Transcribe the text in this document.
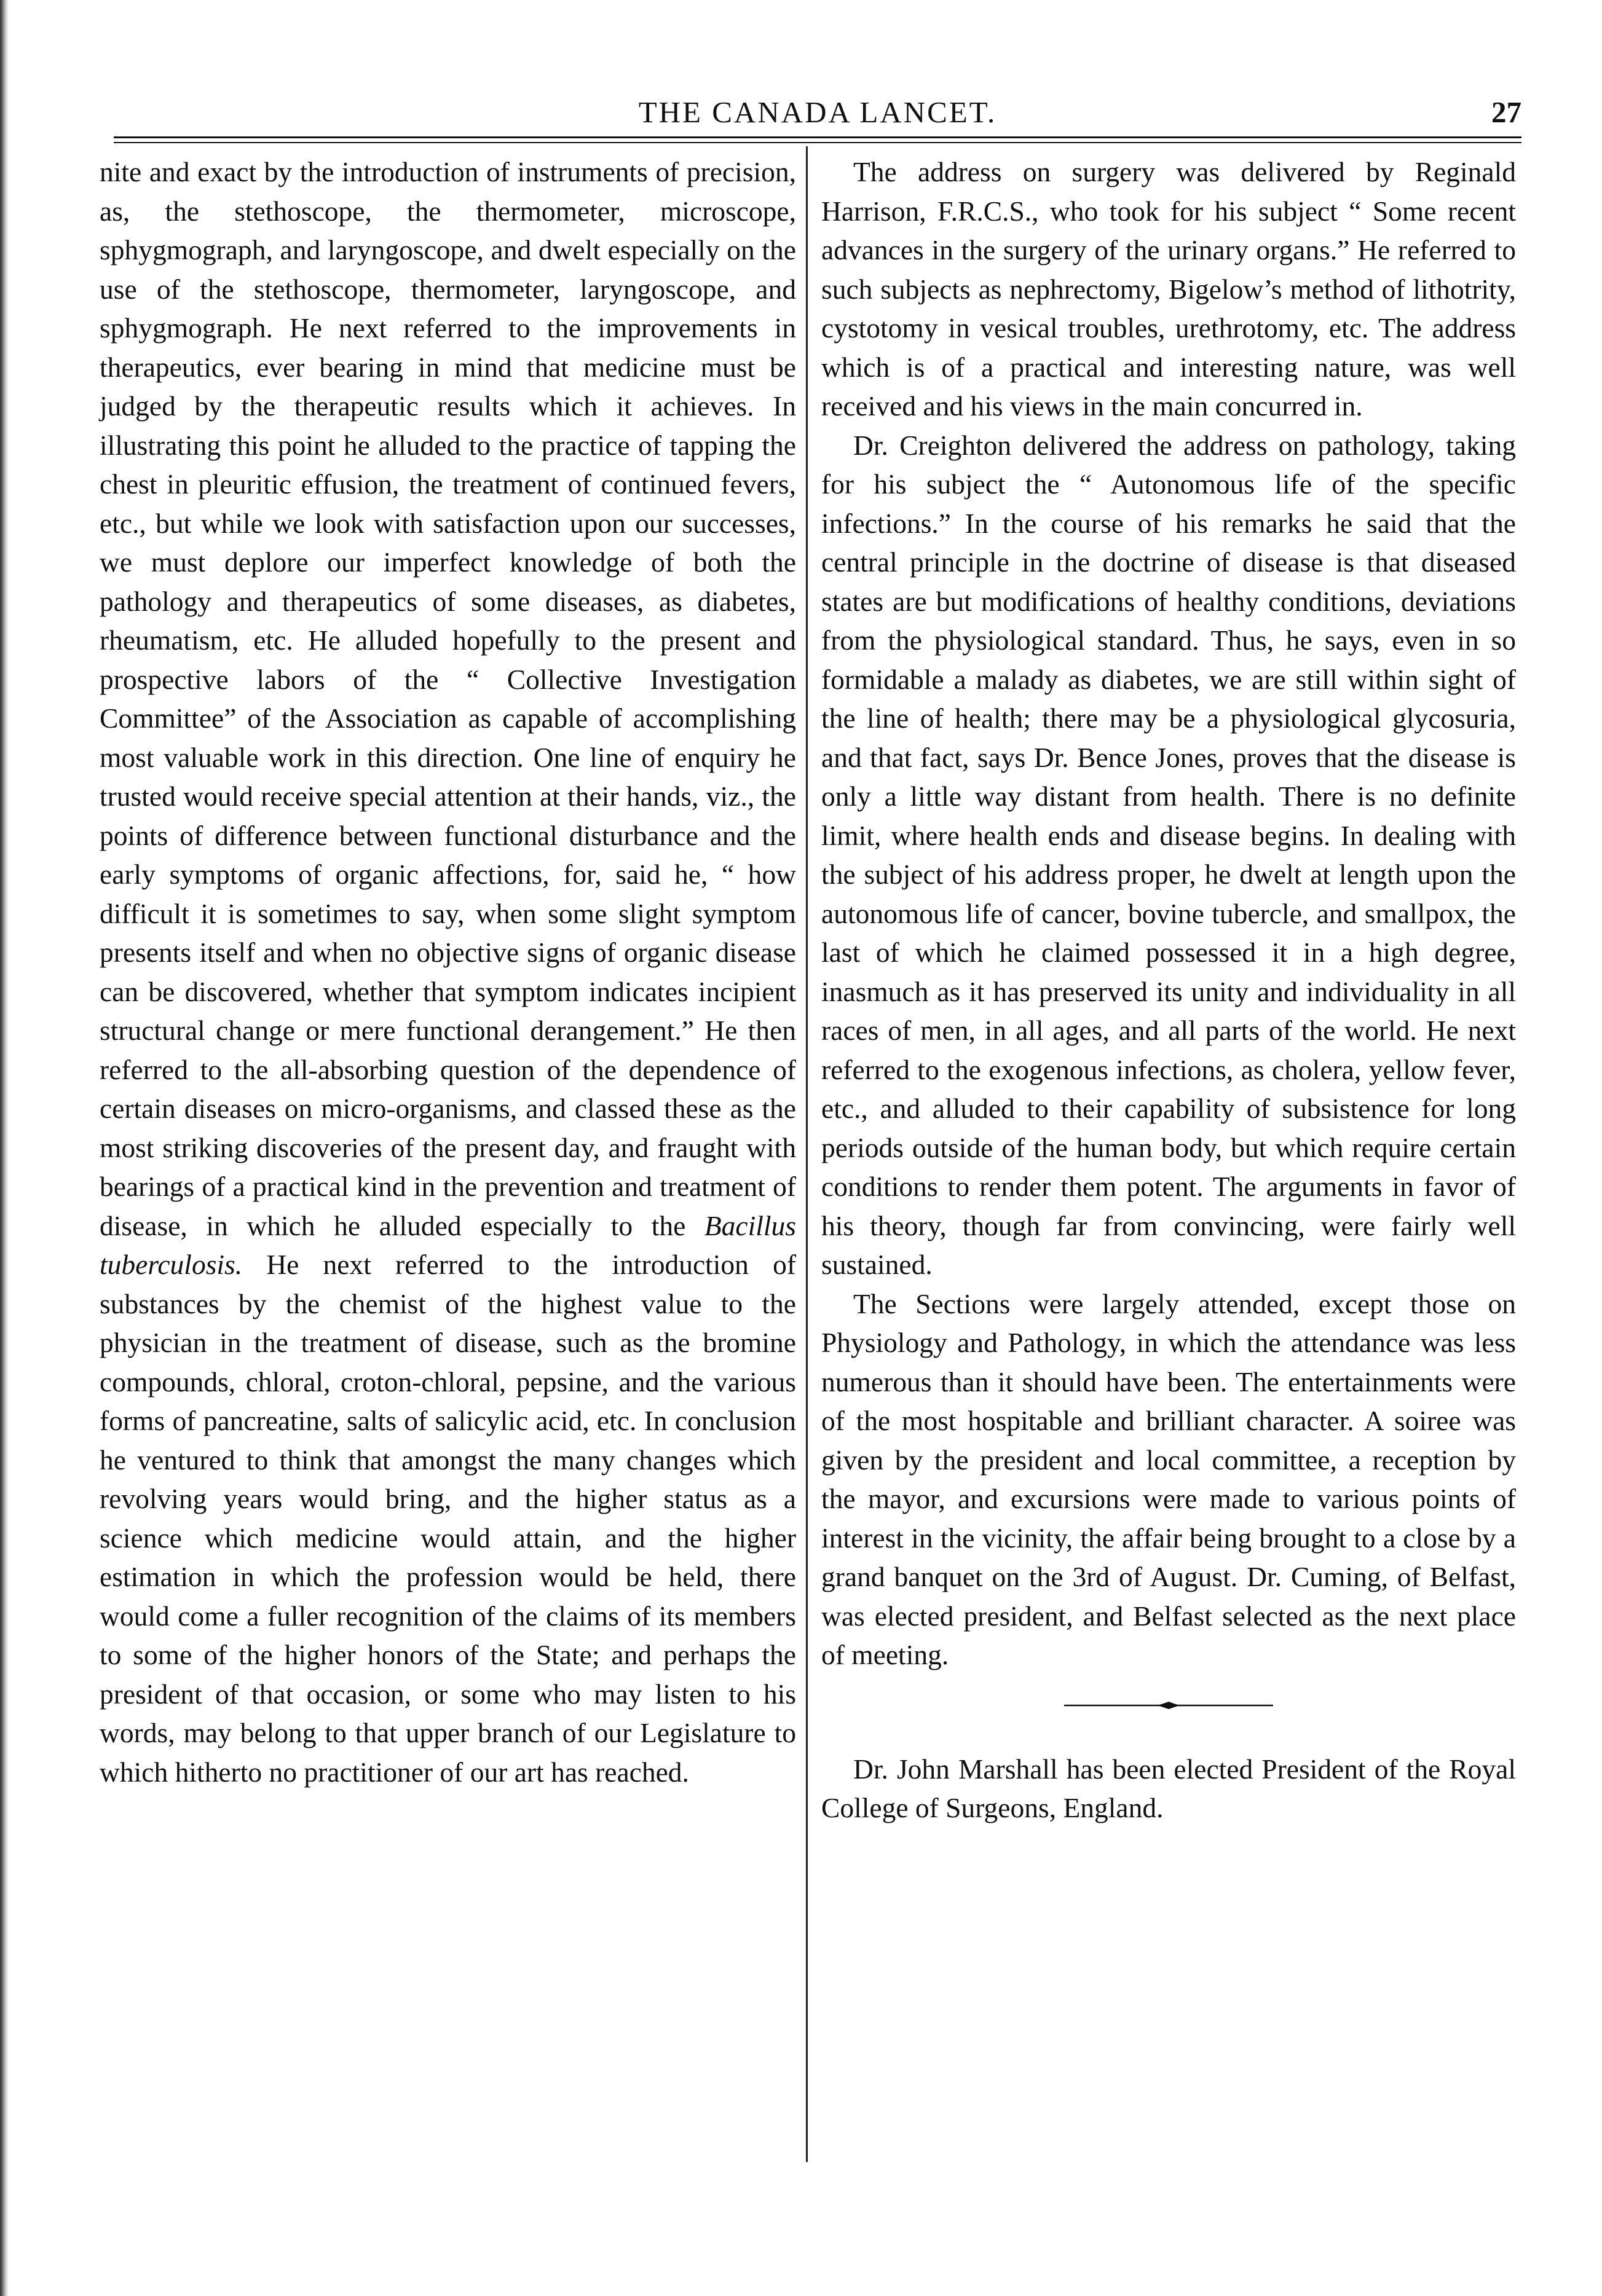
THE CANADA LANCET.	27

nite and exact by the introduction of instruments of precision, as, the stethoscope, the thermometer, microscope, sphygmograph, and laryngoscope, and dwelt especially on the use of the stethoscope, thermometer, laryngoscope, and sphygmograph. He next referred to the improvements in therapeutics, ever bearing in mind that medicine must be judged by the therapeutic results which it achieves. In illustrating this point he alluded to the practice of tapping the chest in pleuritic effusion, the treatment of continued fevers, etc., but while we look with satisfaction upon our successes, we must deplore our imperfect knowledge of both the pathology and therapeutics of some diseases, as diabetes, rheumatism, etc. He alluded hopefully to the present and prospective labors of the “ Collective Investigation Committee” of the Association as capable of accomplishing most valuable work in this direction. One line of enquiry he trusted would receive special attention at their hands, viz., the points of difference between functional disturbance and the early symptoms of organic affections, for, said he, “ how difficult it is sometimes to say, when some slight symptom presents itself and when no objective signs of organic disease can be discovered, whether that symptom indicates incipient structural change or mere functional derangement.” He then referred to the all-absorbing question of the dependence of certain diseases on micro-organisms, and classed these as the most striking discoveries of the present day, and fraught with bearings of a practical kind in the prevention and treatment of disease, in which he alluded especially to the Bacillus tuberculosis. He next referred to the introduction of substances by the chemist of the highest value to the physician in the treatment of disease, such as the bromine compounds, chloral, croton-chloral, pepsine, and the various forms of pancreatine, salts of salicylic acid, etc. In conclusion he ventured to think that amongst the many changes which revolving years would bring, and the higher status as a science which medicine would attain, and the higher estimation in which the profession would be held, there would come a fuller recognition of the claims of its members to some of the higher honors of the State; and perhaps the president of that occasion, or some who may listen to his words, may belong to that upper branch of our Legislature to which hitherto no practitioner of our art has reached.

The address on surgery was delivered by Reginald Harrison, F.R.C.S., who took for his subject “ Some recent advances in the surgery of the urinary organs.” He referred to such subjects as nephrectomy, Bigelow’s method of lithotrity, cystotomy in vesical troubles, urethrotomy, etc. The address which is of a practical and interesting nature, was well received and his views in the main concurred in.

Dr. Creighton delivered the address on pathology, taking for his subject the “ Autonomous life of the specific infections.” In the course of his remarks he said that the central principle in the doctrine of disease is that diseased states are but modifications of healthy conditions, deviations from the physiological standard. Thus, he says, even in so formidable a malady as diabetes, we are still within sight of the line of health; there may be a physiological glycosuria, and that fact, says Dr. Bence Jones, proves that the disease is only a little way distant from health. There is no definite limit, where health ends and disease begins. In dealing with the subject of his address proper, he dwelt at length upon the autonomous life of cancer, bovine tubercle, and smallpox, the last of which he claimed possessed it in a high degree, inasmuch as it has preserved its unity and individuality in all races of men, in all ages, and all parts of the world. He next referred to the exogenous infections, as cholera, yellow fever, etc., and alluded to their capability of subsistence for long periods outside of the human body, but which require certain conditions to render them potent. The arguments in favor of his theory, though far from convincing, were fairly well sustained.

The Sections were largely attended, except those on Physiology and Pathology, in which the attendance was less numerous than it should have been. The entertainments were of the most hospitable and brilliant character. A soiree was given by the president and local committee, a reception by the mayor, and excursions were made to various points of interest in the vicinity, the affair being brought to a close by a grand banquet on the 3rd of August. Dr. Cuming, of Belfast, was elected president, and Belfast selected as the next place of meeting.

Dr. John Marshall has been elected President of the Royal College of Surgeons, England.
